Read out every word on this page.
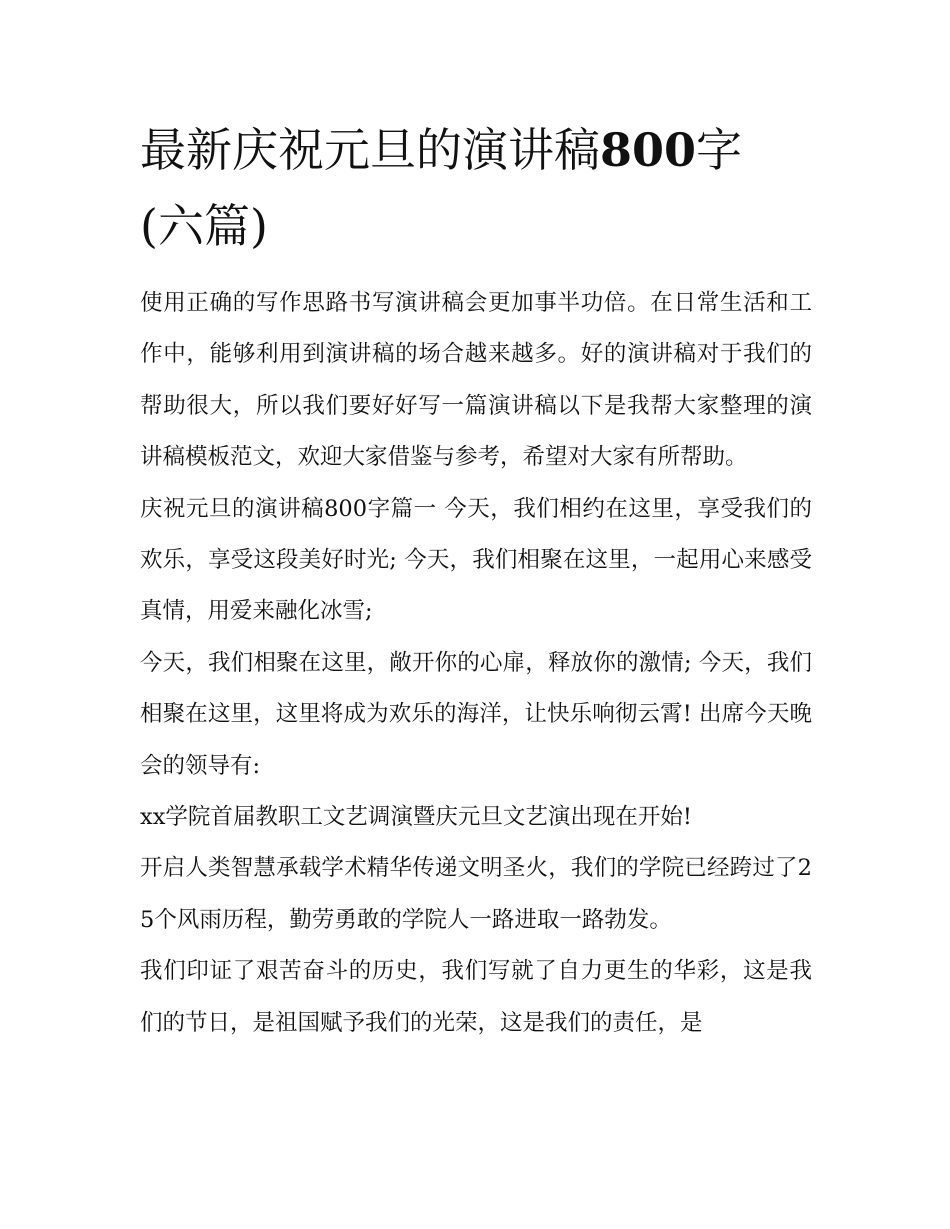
最新庆祝元旦的演讲稿800字
(六篇)

使用正确的写作思路书写演讲稿会更加事半功倍。在日常生活和工作中，能够利用到演讲稿的场合越来越多。好的演讲稿对于我们的帮助很大，所以我们要好好写一篇演讲稿以下是我帮大家整理的演讲稿模板范文，欢迎大家借鉴与参考，希望对大家有所帮助。

庆祝元旦的演讲稿800字篇一 今天，我们相约在这里，享受我们的欢乐，享受这段美好时光; 今天，我们相聚在这里，一起用心来感受真情，用爱来融化冰雪;

今天，我们相聚在这里，敞开你的心扉，释放你的激情; 今天，我们相聚在这里，这里将成为欢乐的海洋，让快乐响彻云霄! 出席今天晚会的领导有:

xx学院首届教职工文艺调演暨庆元旦文艺演出现在开始!

开启人类智慧承载学术精华传递文明圣火，我们的学院已经跨过了25个风雨历程，勤劳勇敢的学院人一路进取一路勃发。

我们印证了艰苦奋斗的历史，我们写就了自力更生的华彩，这是我们的节日，是祖国赋予我们的光荣，这是我们的责任，是
